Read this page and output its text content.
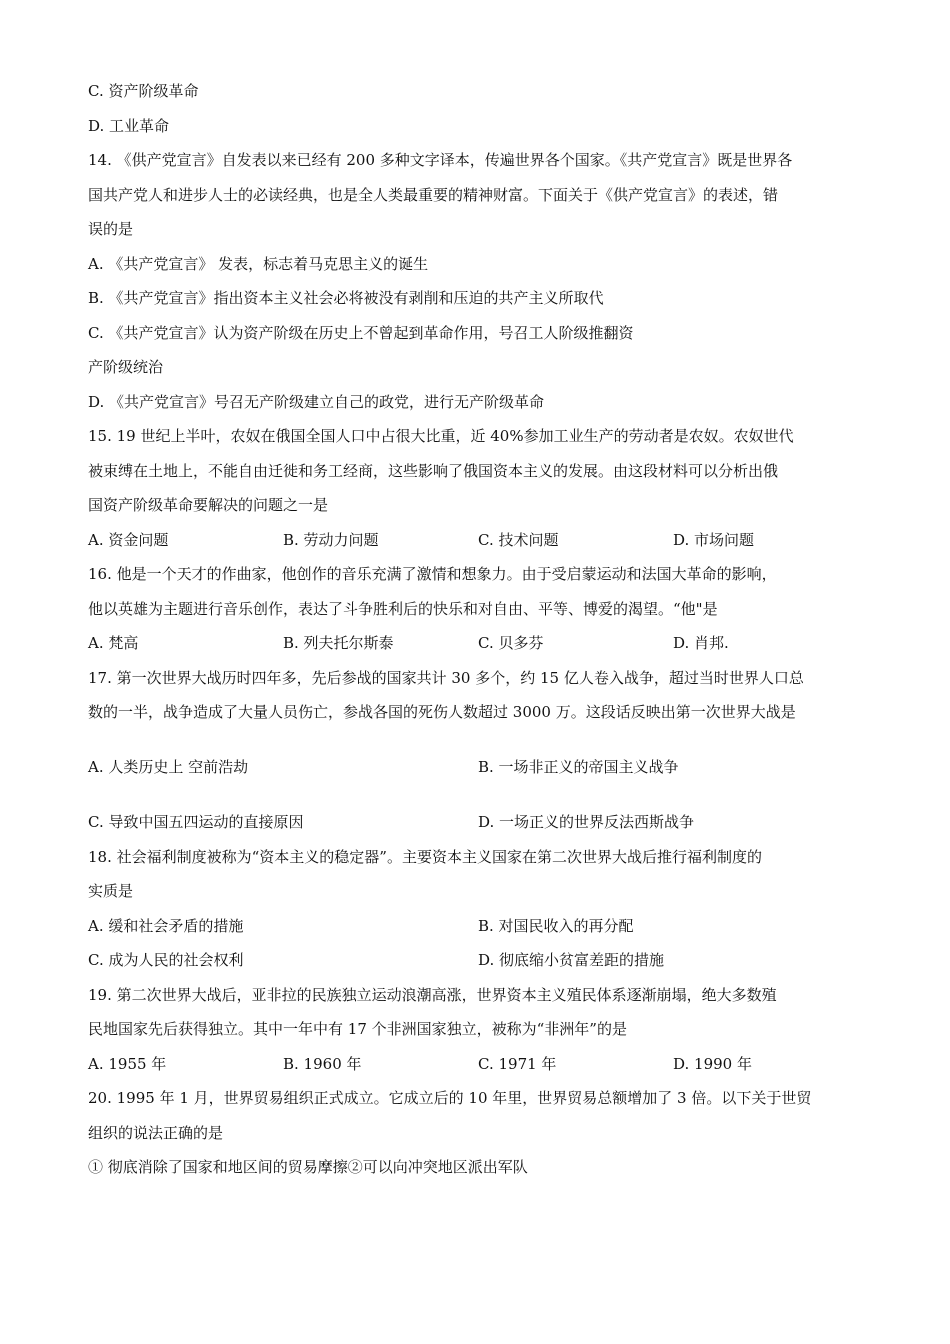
C. 资产阶级革命
D. 工业革命
14. 《供产党宣言》自发表以来已经有 200 多种文字译本，传遍世界各个国家。《共产党宣言》既是世界各
国共产党人和进步人士的必读经典，也是全人类最重要的精神财富。下面关于《供产党宣言》的表述，错
误的是
A. 《共产党宣言》 发表，标志着马克思主义的诞生
B. 《共产党宣言》指出资本主义社会必将被没有剥削和压迫的共产主义所取代
C. 《共产党宣言》认为资产阶级在历史上不曾起到革命作用，号召工人阶级推翻资
产阶级统治
D. 《共产党宣言》号召无产阶级建立自己的政党，进行无产阶级革命
15. 19 世纪上半叶，农奴在俄国全国人口中占很大比重，近 40%参加工业生产的劳动者是农奴。农奴世代
被束缚在土地上，不能自由迁徙和务工经商，这些影响了俄国资本主义的发展。由这段材料可以分析出俄
国资产阶级革命要解决的问题之一是
A. 资金问题	B. 劳动力问题	C. 技术问题	D. 市场问题
16. 他是一个天才的作曲家，他创作的音乐充满了激情和想象力。由于受启蒙运动和法国大革命的影响，
他以英雄为主题进行音乐创作，表达了斗争胜利后的快乐和对自由、平等、博爱的渴望。“他"是
A. 梵高	B. 列夫托尔斯泰	C. 贝多芬	D. 肖邦.
17. 第一次世界大战历时四年多，先后参战的国家共计 30 多个，约 15 亿人卷入战争，超过当时世界人口总
数的一半，战争造成了大量人员伤亡，参战各国的死伤人数超过 3000 万。这段话反映出第一次世界大战是
A. 人类历史上 空前浩劫	B. 一场非正义的帝国主义战争
C. 导致中国五四运动的直接原因	D. 一场正义的世界反法西斯战争
18. 社会福利制度被称为“资本主义的稳定器”。主要资本主义国家在第二次世界大战后推行福利制度的
实质是
A. 缓和社会矛盾的措施	B. 对国民收入的再分配
C. 成为人民的社会权利	D. 彻底缩小贫富差距的措施
19. 第二次世界大战后，亚非拉的民族独立运动浪潮高涨，世界资本主义殖民体系逐渐崩塌，绝大多数殖
民地国家先后获得独立。其中一年中有 17 个非洲国家独立，被称为“非洲年”的是
A. 1955 年	B. 1960 年	C. 1971 年	D. 1990 年
20. 1995 年 1 月，世界贸易组织正式成立。它成立后的 10 年里，世界贸易总额增加了 3 倍。以下关于世贸
组织的说法正确的是
① 彻底消除了国家和地区间的贸易摩擦②可以向冲突地区派出军队
